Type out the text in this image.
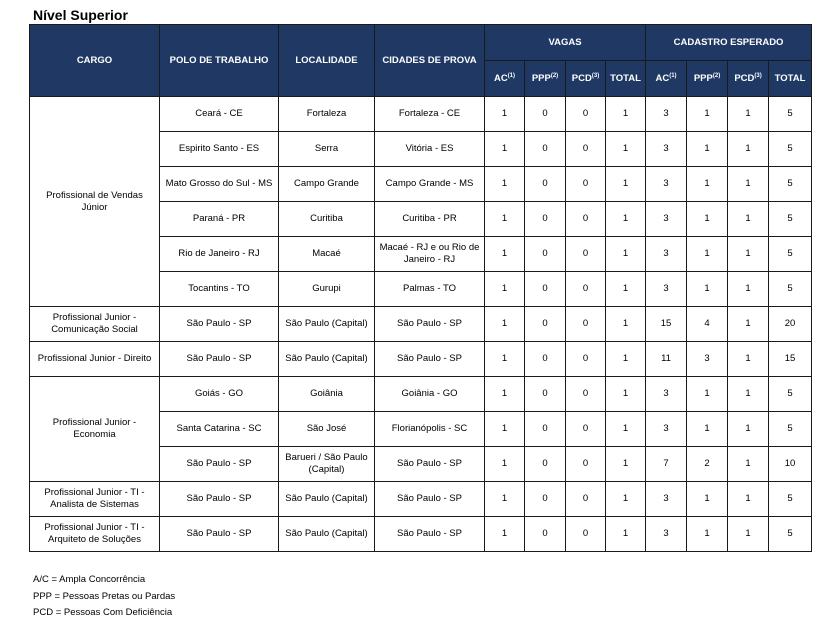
Nível Superior
CARGO	POLO DE TRABALHO	LOCALIDADE	CIDADES DE PROVA	VAGAS				CADASTRO ESPERADO			
				AC$^{(1)}$	PPP$^{(2)}$	PCD$^{(3)}$	TOTAL	AC$^{(1)}$	PPP$^{(2)}$	PCD$^{(3)}$	TOTAL
Profissional de Vendas Júnior	Ceará - CE	Fortaleza	Fortaleza - CE	1	0	0	1	3	1	1	5
	Espirito Santo - ES	Serra	Vitória - ES	1	0	0	1	3	1	1	5
	Mato Grosso do Sul - MS	Campo Grande	Campo Grande - MS	1	0	0	1	3	1	1	5
	Paraná - PR	Curitiba	Curitiba - PR	1	0	0	1	3	1	1	5
	Rio de Janeiro - RJ	Macaé	Macaé - RJ e ou Rio de Janeiro - RJ	1	0	0	1	3	1	1	5
	Tocantins - TO	Gurupi	Palmas - TO	1	0	0	1	3	1	1	5
Profissional Junior - Comunicação Social	São Paulo - SP	São Paulo (Capital)	São Paulo - SP	1	0	0	1	15	4	1	20
Profissional Junior - Direito	São Paulo - SP	São Paulo (Capital)	São Paulo - SP	1	0	0	1	11	3	1	15
Profissional Junior - Economia	Goiás - GO	Goiânia	Goiânia - GO	1	0	0	1	3	1	1	5
	Santa Catarina - SC	São José	Florianópolis - SC	1	0	0	1	3	1	1	5
	São Paulo - SP	Barueri / São Paulo (Capital)	São Paulo - SP	1	0	0	1	7	2	1	10
Profissional Junior - TI - Analista de Sistemas	São Paulo - SP	São Paulo (Capital)	São Paulo - SP	1	0	0	1	3	1	1	5
Profissional Junior - TI - Arquiteto de Soluções	São Paulo - SP	São Paulo (Capital)	São Paulo - SP	1	0	0	1	3	1	1	5
A/C = Ampla Concorrência
PPP = Pessoas Pretas ou Pardas
PCD = Pessoas Com Deficiência
